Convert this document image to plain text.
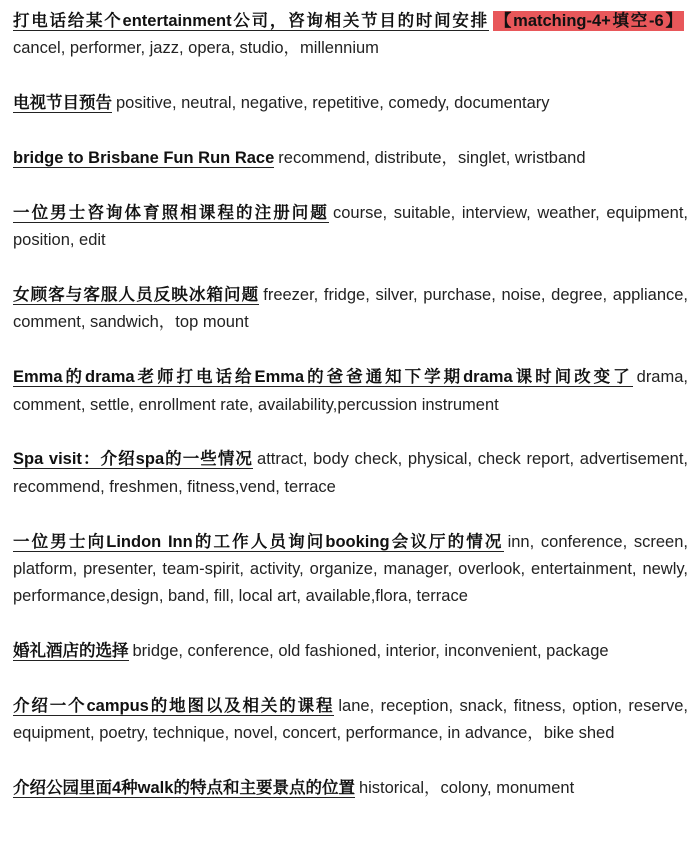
打电话给某个entertainment公司，咨询相关节目的时间安排 【matching-4+填空-6】cancel, performer, jazz, opera, studio，millennium

电视节目预告 positive, neutral, negative, repetitive, comedy, documentary

bridge to Brisbane Fun Run Race recommend, distribute，singlet, wristband

一位男士咨询体育照相课程的注册问题 course, suitable, interview, weather, equipment, position, edit

女顾客与客服人员反映冰箱问题 freezer, fridge, silver, purchase, noise, degree, appliance, comment, sandwich，top mount

Emma的drama老师打电话给Emma的爸爸通知下学期drama课时间改变了 drama, comment, settle, enrollment rate, availability,percussion instrument

Spa visit：介绍spa的一些情况 attract, body check, physical, check report, advertisement, recommend, freshmen, fitness,vend, terrace

一位男士向Lindon Inn的工作人员询问booking会议厅的情况 inn, conference, screen, platform, presenter, team-spirit, activity, organize, manager, overlook, entertainment, newly, performance,design, band, fill, local art, available,flora, terrace

婚礼酒店的选择 bridge, conference, old fashioned, interior, inconvenient, package

介绍一个campus的地图以及相关的课程 lane, reception, snack, fitness, option, reserve, equipment, poetry, technique, novel, concert, performance, in advance，bike shed

介绍公园里面4种walk的特点和主要景点的位置 historical，colony, monument
